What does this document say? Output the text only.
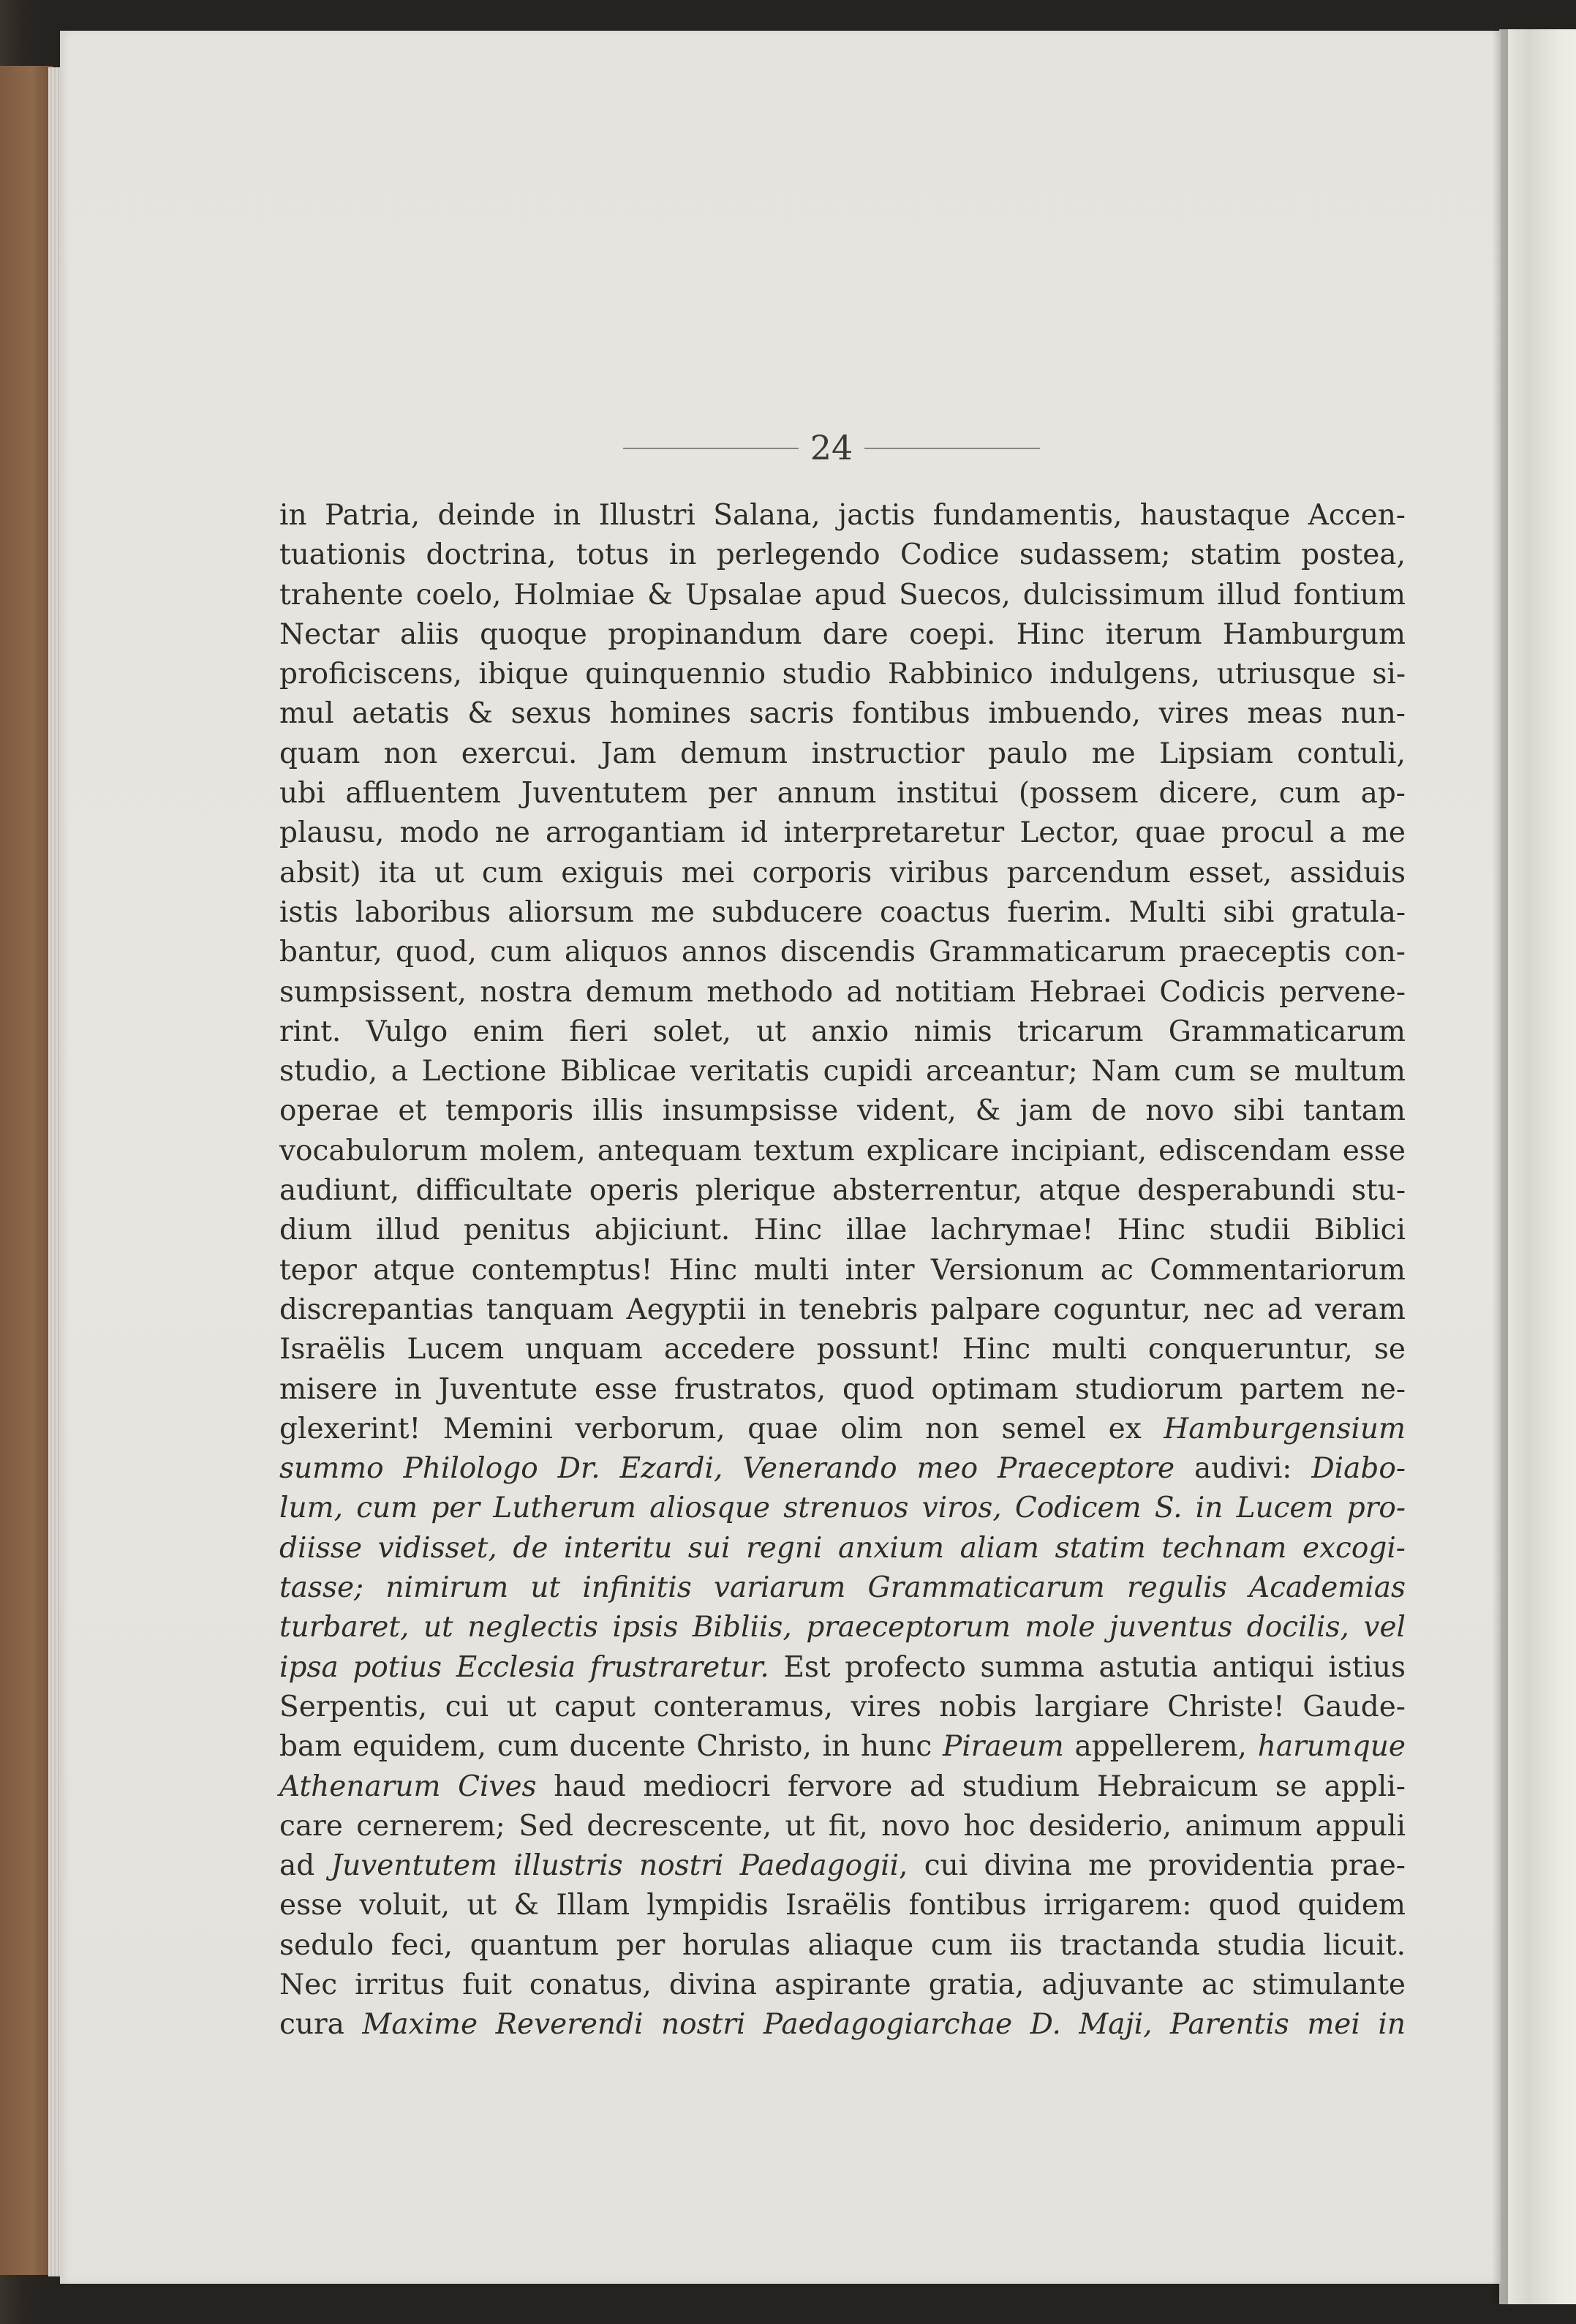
24
in Patria, deinde in Illustri Salana, jactis fundamentis, haustaque Accen-
tuationis doctrina, totus in perlegendo Codice sudassem; statim postea,
trahente coelo, Holmiae & Upsalae apud Suecos, dulcissimum illud fontium
Nectar aliis quoque propinandum dare coepi. Hinc iterum Hamburgum
proficiscens, ibique quinquennio studio Rabbinico indulgens, utriusque si-
mul aetatis & sexus homines sacris fontibus imbuendo, vires meas nun-
quam non exercui. Jam demum instructior paulo me Lipsiam contuli,
ubi affluentem Juventutem per annum institui (possem dicere, cum ap-
plausu, modo ne arrogantiam id interpretaretur Lector, quae procul a me
absit) ita ut cum exiguis mei corporis viribus parcendum esset, assiduis
istis laboribus aliorsum me subducere coactus fuerim. Multi sibi gratula-
bantur, quod, cum aliquos annos discendis Grammaticarum praeceptis con-
sumpsissent, nostra demum methodo ad notitiam Hebraei Codicis pervene-
rint. Vulgo enim fieri solet, ut anxio nimis tricarum Grammaticarum
studio, a Lectione Biblicae veritatis cupidi arceantur; Nam cum se multum
operae et temporis illis insumpsisse vident, & jam de novo sibi tantam
vocabulorum molem, antequam textum explicare incipiant, ediscendam esse
audiunt, difficultate operis plerique absterrentur, atque desperabundi stu-
dium illud penitus abjiciunt. Hinc illae lachrymae! Hinc studii Biblici
tepor atque contemptus! Hinc multi inter Versionum ac Commentariorum
discrepantias tanquam Aegyptii in tenebris palpare coguntur, nec ad veram
Israëlis Lucem unquam accedere possunt! Hinc multi conqueruntur, se
misere in Juventute esse frustratos, quod optimam studiorum partem ne-
glexerint! Memini verborum, quae olim non semel ex Hamburgensium
summo Philologo Dr. Ezardi, Venerando meo Praeceptore audivi: Diabo-
lum, cum per Lutherum aliosque strenuos viros, Codicem S. in Lucem pro-
diisse vidisset, de interitu sui regni anxium aliam statim technam excogi-
tasse; nimirum ut infinitis variarum Grammaticarum regulis Academias
turbaret, ut neglectis ipsis Bibliis, praeceptorum mole juventus docilis, vel
ipsa potius Ecclesia frustraretur. Est profecto summa astutia antiqui istius
Serpentis, cui ut caput conteramus, vires nobis largiare Christe! Gaude-
bam equidem, cum ducente Christo, in hunc Piraeum appellerem, harumque
Athenarum Cives haud mediocri fervore ad studium Hebraicum se appli-
care cernerem; Sed decrescente, ut fit, novo hoc desiderio, animum appuli
ad Juventutem illustris nostri Paedagogii, cui divina me providentia prae-
esse voluit, ut & Illam lympidis Israëlis fontibus irrigarem: quod quidem
sedulo feci, quantum per horulas aliaque cum iis tractanda studia licuit.
Nec irritus fuit conatus, divina aspirante gratia, adjuvante ac stimulante
cura Maxime Reverendi nostri Paedagogiarchae D. Maji, Parentis mei in
